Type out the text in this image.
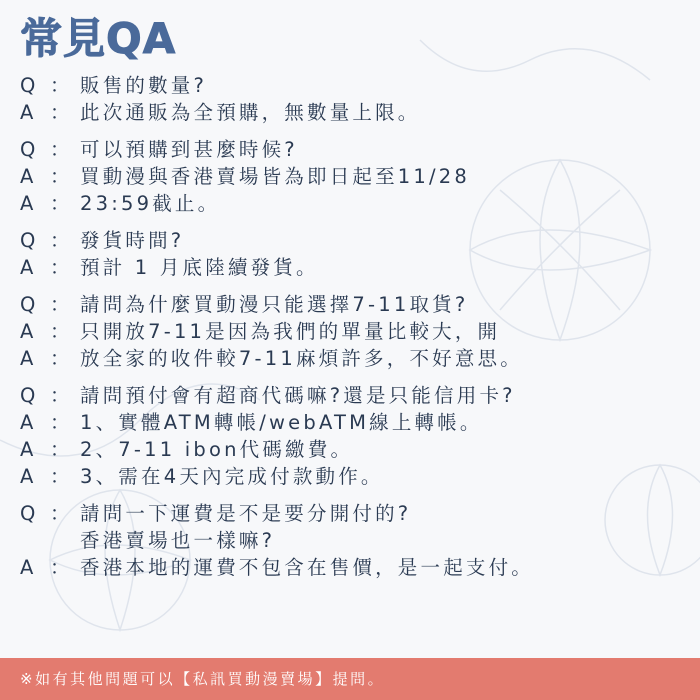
常見QA
Q ： 販售的數量?
A ： 此次通販為全預購，無數量上限。
Q ： 可以預購到甚麼時候?
A ： 買動漫與香港賣場皆為即日起至11/28
A ： 23:59截止。
Q ： 發貨時間?
A ： 預計 1 月底陸續發貨。
Q ： 請問為什麼買動漫只能選擇7-11取貨?
A ： 只開放7-11是因為我們的單量比較大，開
A ： 放全家的收件較7-11麻煩許多，不好意思。
Q ： 請問預付會有超商代碼嘛?還是只能信用卡?
A ： 1、實體ATM轉帳/webATM線上轉帳。
A ： 2、7-11 ibon代碼繳費。
A ： 3、需在4天內完成付款動作。
Q ： 請問一下運費是不是要分開付的?
香港賣場也一樣嘛?
A ： 香港本地的運費不包含在售價，是一起支付。
※如有其他問題可以【私訊買動漫賣場】提問。
